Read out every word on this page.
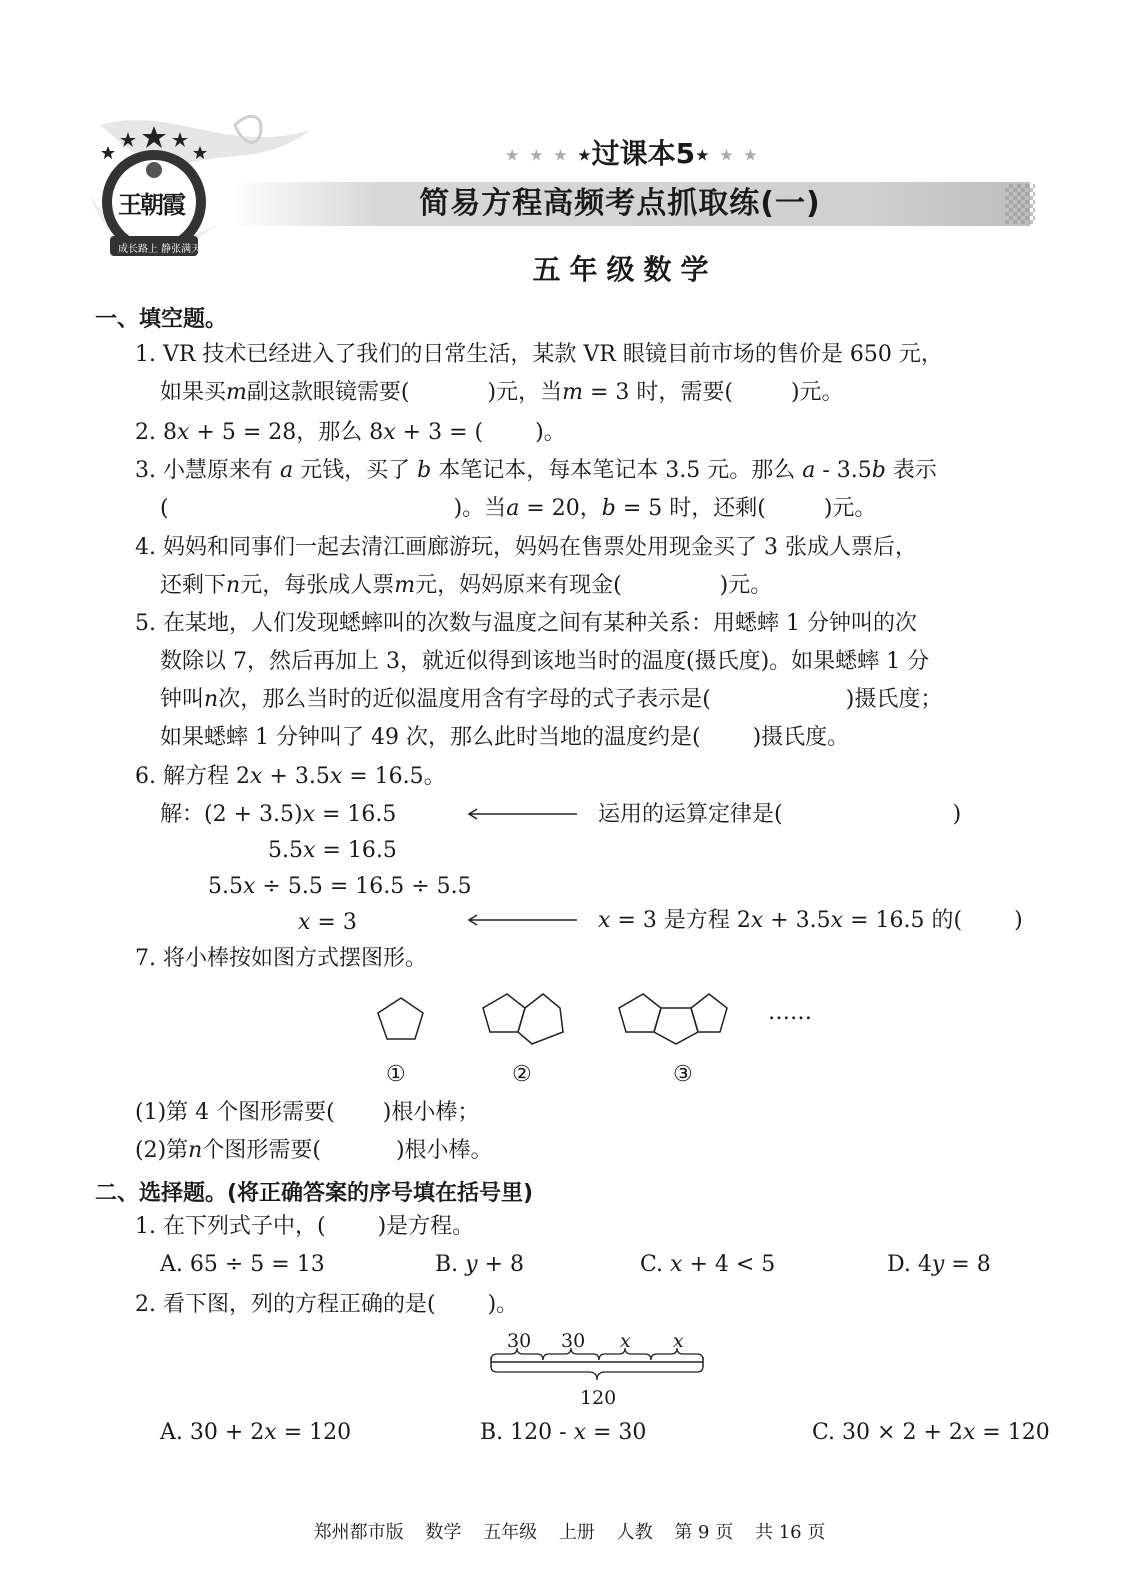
王朝霞
成长路上 静张满天
★ ★ ★ ★过课本5★ ★ ★
简易方程高频考点抓取练(一)
五年级数学
一、填空题。
1. VR 技术已经进入了我们的日常生活，某款 VR 眼镜目前市场的售价是 650 元，
如果买m副这款眼镜需要(	)元，当m = 3 时，需要(	)元。
2. 8x + 5 = 28，那么 8x + 3 = ( )。
3. 小慧原来有 a 元钱，买了 b 本笔记本，每本笔记本 3.5 元。那么 a - 3.5b 表示
(	)。当a = 20，b = 5 时，还剩(	)元。
4. 妈妈和同事们一起去清江画廊游玩，妈妈在售票处用现金买了 3 张成人票后，
还剩下n元，每张成人票m元，妈妈原来有现金(	)元。
5. 在某地，人们发现蟋蟀叫的次数与温度之间有某种关系：用蟋蟀 1 分钟叫的次
数除以 7，然后再加上 3，就近似得到该地当时的温度(摄氏度)。如果蟋蟀 1 分
钟叫n次，那么当时的近似温度用含有字母的式子表示是(	)摄氏度；
如果蟋蟀 1 分钟叫了 49 次，那么此时当地的温度约是( )摄氏度。
6. 解方程 2x + 3.5x = 16.5。
解：(2 + 3.5)x = 16.5
5.5x = 16.5
5.5x ÷ 5.5 = 16.5 ÷ 5.5
x = 3
运用的运算定律是(	)
x = 3 是方程 2x + 3.5x = 16.5 的( )
7. 将小棒按如图方式摆图形。
……
①	②	③
(1)第 4 个图形需要( )根小棒；
(2)第n个图形需要(	)根小棒。
二、选择题。(将正确答案的序号填在括号里)
1. 在下列式子中，( )是方程。
A. 65 ÷ 5 = 13	B. y + 8	C. x + 4 < 5	D. 4y = 8
2. 看下图，列的方程正确的是( )。
30 30 x x
120
A. 30 + 2x = 120	B. 120 - x = 30	C. 30 × 2 + 2x = 120
郑州都市版 数学 五年级 上册 人教 第 9 页 共 16 页
